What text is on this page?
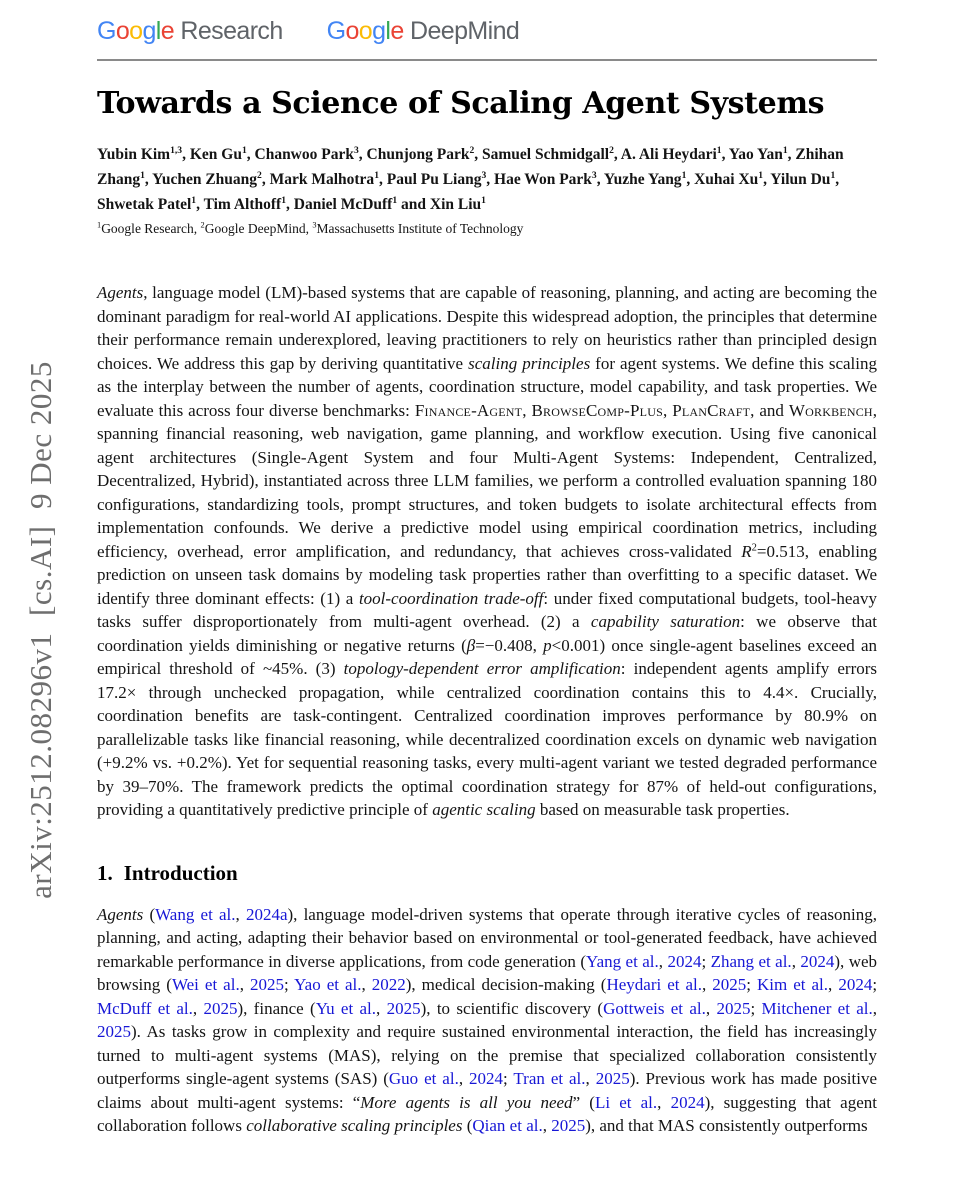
arXiv:2512.08296v1  [cs.AI]  9 Dec 2025
Google Research Google DeepMind
Towards a Science of Scaling Agent Systems

Yubin Kim$^{1,3}$, Ken Gu$^1$, Chanwoo Park$^3$, Chunjong Park$^2$, Samuel Schmidgall$^2$, A. Ali Heydari$^1$, Yao Yan$^1$, Zhihan Zhang$^1$, Yuchen Zhuang$^2$, Mark Malhotra$^1$, Paul Pu Liang$^3$, Hae Won Park$^3$, Yuzhe Yang$^1$, Xuhai Xu$^1$, Yilun Du$^1$, Shwetak Patel$^1$, Tim Althoff$^1$, Daniel McDuff$^1$ and Xin Liu$^1$

$^1$Google Research, $^2$Google DeepMind, $^3$Massachusetts Institute of Technology

Agents, language model (LM)-based systems that are capable of reasoning, planning, and acting are becoming the dominant paradigm for real-world AI applications. Despite this widespread adoption, the principles that determine their performance remain underexplored, leaving practitioners to rely on heuristics rather than principled design choices. We address this gap by deriving quantitative scaling principles for agent systems. We define this scaling as the interplay between the number of agents, coordination structure, model capability, and task properties. We evaluate this across four diverse benchmarks: Finance-Agent, BrowseComp-Plus, PlanCraft, and Workbench, spanning financial reasoning, web navigation, game planning, and workflow execution. Using five canonical agent architectures (Single-Agent System and four Multi-Agent Systems: Independent, Centralized, Decentralized, Hybrid), instantiated across three LLM families, we perform a controlled evaluation spanning 180 configurations, standardizing tools, prompt structures, and token budgets to isolate architectural effects from implementation confounds. We derive a predictive model using empirical coordination metrics, including efficiency, overhead, error amplification, and redundancy, that achieves cross-validated $R^2=0.513$, enabling prediction on unseen task domains by modeling task properties rather than overfitting to a specific dataset. We identify three dominant effects: (1) a tool-coordination trade-off: under fixed computational budgets, tool-heavy tasks suffer disproportionately from multi-agent overhead. (2) a capability saturation: we observe that coordination yields diminishing or negative returns (β=−0.408, p<0.001) once single-agent baselines exceed an empirical threshold of ~45%. (3) topology-dependent error amplification: independent agents amplify errors 17.2× through unchecked propagation, while centralized coordination contains this to 4.4×. Crucially, coordination benefits are task-contingent. Centralized coordination improves performance by 80.9% on parallelizable tasks like financial reasoning, while decentralized coordination excels on dynamic web navigation (+9.2% vs. +0.2%). Yet for sequential reasoning tasks, every multi-agent variant we tested degraded performance by 39–70%. The framework predicts the optimal coordination strategy for 87% of held-out configurations, providing a quantitatively predictive principle of agentic scaling based on measurable task properties.

1. Introduction

Agents (Wang et al., 2024a), language model-driven systems that operate through iterative cycles of reasoning, planning, and acting, adapting their behavior based on environmental or tool-generated feedback, have achieved remarkable performance in diverse applications, from code generation (Yang et al., 2024; Zhang et al., 2024), web browsing (Wei et al., 2025; Yao et al., 2022), medical decision-making (Heydari et al., 2025; Kim et al., 2024; McDuff et al., 2025), finance (Yu et al., 2025), to scientific discovery (Gottweis et al., 2025; Mitchener et al., 2025). As tasks grow in complexity and require sustained environmental interaction, the field has increasingly turned to multi-agent systems (MAS), relying on the premise that specialized collaboration consistently outperforms single-agent systems (SAS) (Guo et al., 2024; Tran et al., 2025). Previous work has made positive claims about multi-agent systems: “More agents is all you need” (Li et al., 2024), suggesting that agent collaboration follows collaborative scaling principles (Qian et al., 2025), and that MAS consistently outperforms
